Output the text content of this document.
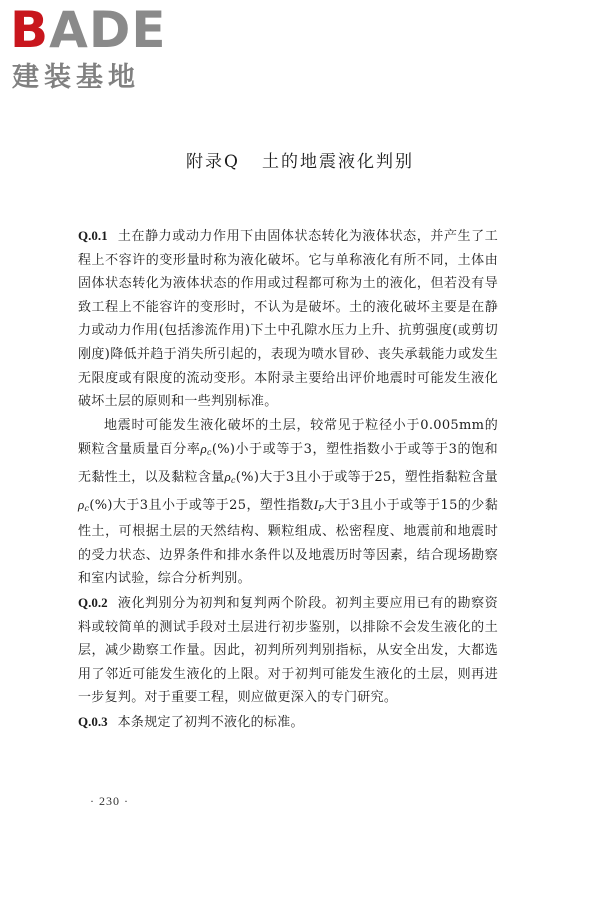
BADE
建装基地
附录Q 土的地震液化判别

Q.0.1 土在静力或动力作用下由固体状态转化为液体状态，并产生了工程上不容许的变形量时称为液化破坏。它与单称液化有所不同，土体由固体状态转化为液体状态的作用或过程都可称为土的液化，但若没有导致工程上不能容许的变形时，不认为是破坏。土的液化破坏主要是在静力或动力作用(包括渗流作用)下土中孔隙水压力上升、抗剪强度(或剪切刚度)降低并趋于消失所引起的，表现为喷水冒砂、丧失承载能力或发生无限度或有限度的流动变形。本附录主要给出评价地震时可能发生液化破坏土层的原则和一些判别标准。

地震时可能发生液化破坏的土层，较常见于粒径小于0.005mm的颗粒含量质量百分率$\rho_c(\%)$小于或等于3，塑性指数小于或等于3的饱和无黏性土，以及黏粒含量$\rho_c(\%)$大于3且小于或等于25，塑性指黏粒含量$\rho_c(\%)$大于3且小于或等于25，塑性指数$I_P$大于3且小于或等于15的少黏性土，可根据土层的天然结构、颗粒组成、松密程度、地震前和地震时的受力状态、边界条件和排水条件以及地震历时等因素，结合现场勘察和室内试验，综合分析判别。

Q.0.2 液化判别分为初判和复判两个阶段。初判主要应用已有的勘察资料或较简单的测试手段对土层进行初步鉴别，以排除不会发生液化的土层，减少勘察工作量。因此，初判所列判别指标，从安全出发，大都选用了邻近可能发生液化的上限。对于初判可能发生液化的土层，则再进一步复判。对于重要工程，则应做更深入的专门研究。

Q.0.3 本条规定了初判不液化的标准。

· 230 ·
